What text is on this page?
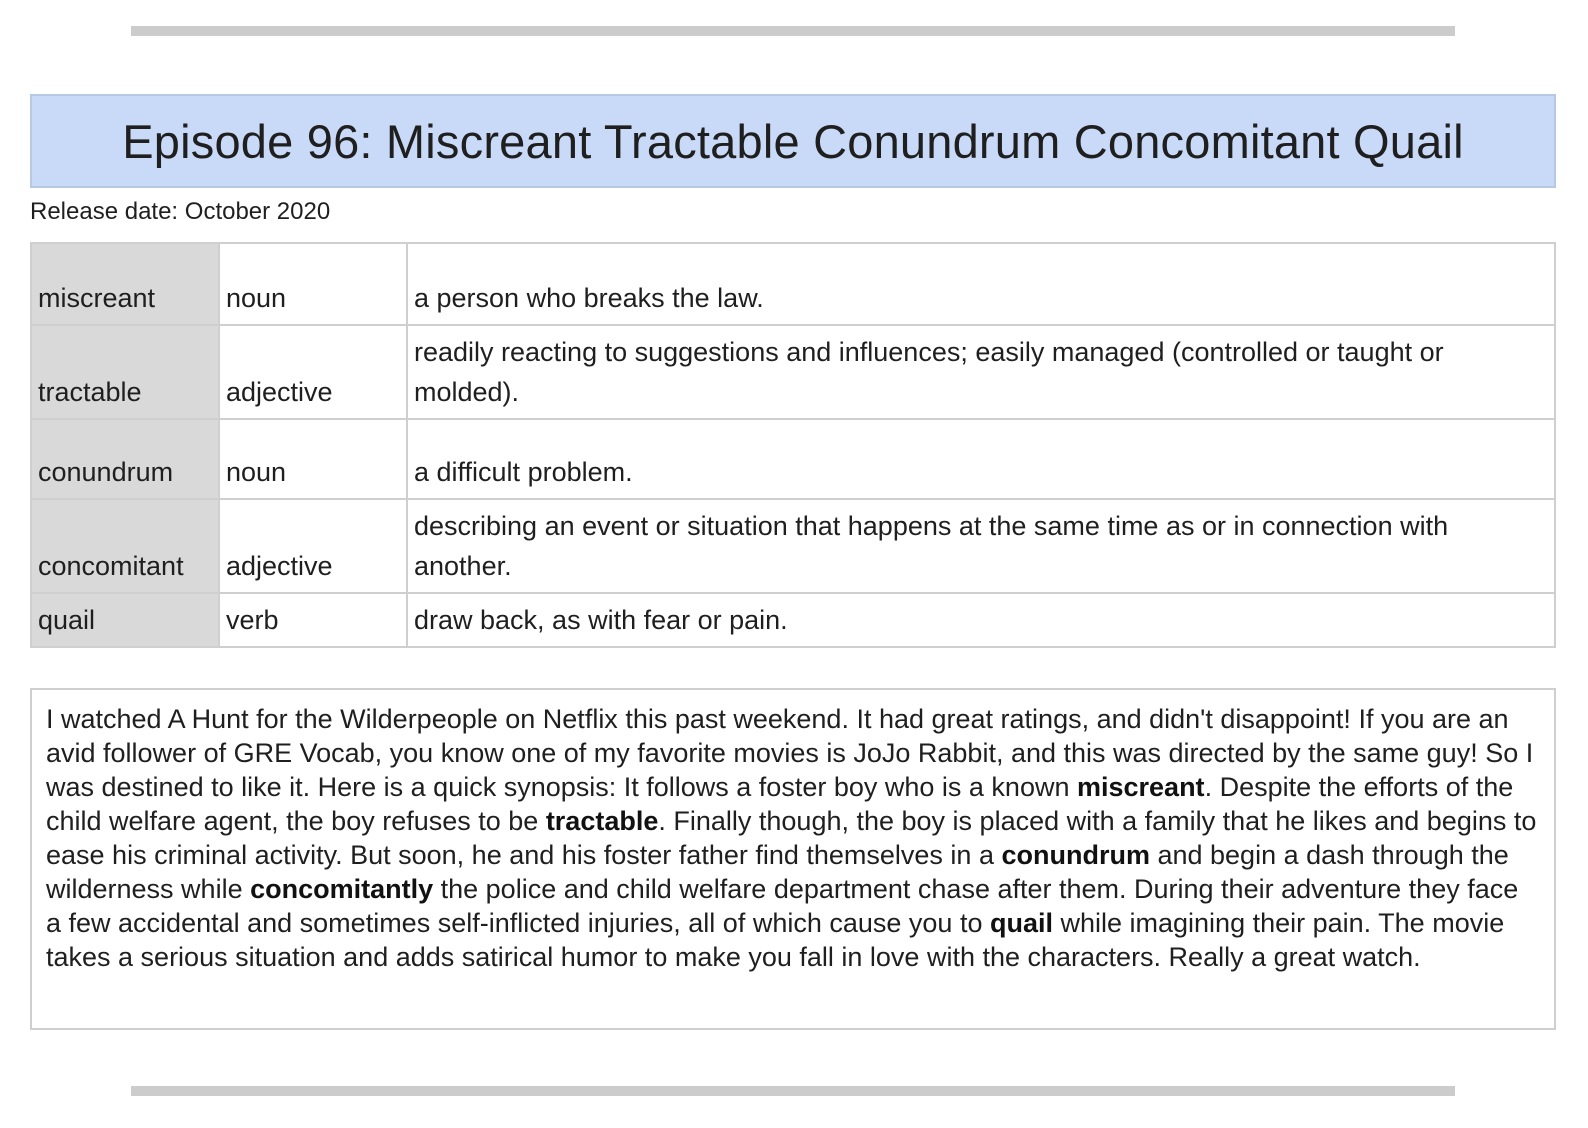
Episode 96: Miscreant Tractable Conundrum Concomitant Quail
Release date: October 2020
miscreant	noun	a person who breaks the law.
tractable	adjective	readily reacting to suggestions and influences; easily managed (controlled or taught or molded).
conundrum	noun	a difficult problem.
concomitant	adjective	describing an event or situation that happens at the same time as or in connection with another.
quail	verb	draw back, as with fear or pain.
I watched A Hunt for the Wilderpeople on Netflix this past weekend. It had great ratings, and didn't disappoint! If you are an avid follower of GRE Vocab, you know one of my favorite movies is JoJo Rabbit, and this was directed by the same guy! So I was destined to like it. Here is a quick synopsis: It follows a foster boy who is a known miscreant. Despite the efforts of the child welfare agent, the boy refuses to be tractable. Finally though, the boy is placed with a family that he likes and begins to ease his criminal activity. But soon, he and his foster father find themselves in a conundrum and begin a dash through the wilderness while concomitantly the police and child welfare department chase after them. During their adventure they face a few accidental and sometimes self-inflicted injuries, all of which cause you to quail while imagining their pain. The movie takes a serious situation and adds satirical humor to make you fall in love with the characters. Really a great watch.
